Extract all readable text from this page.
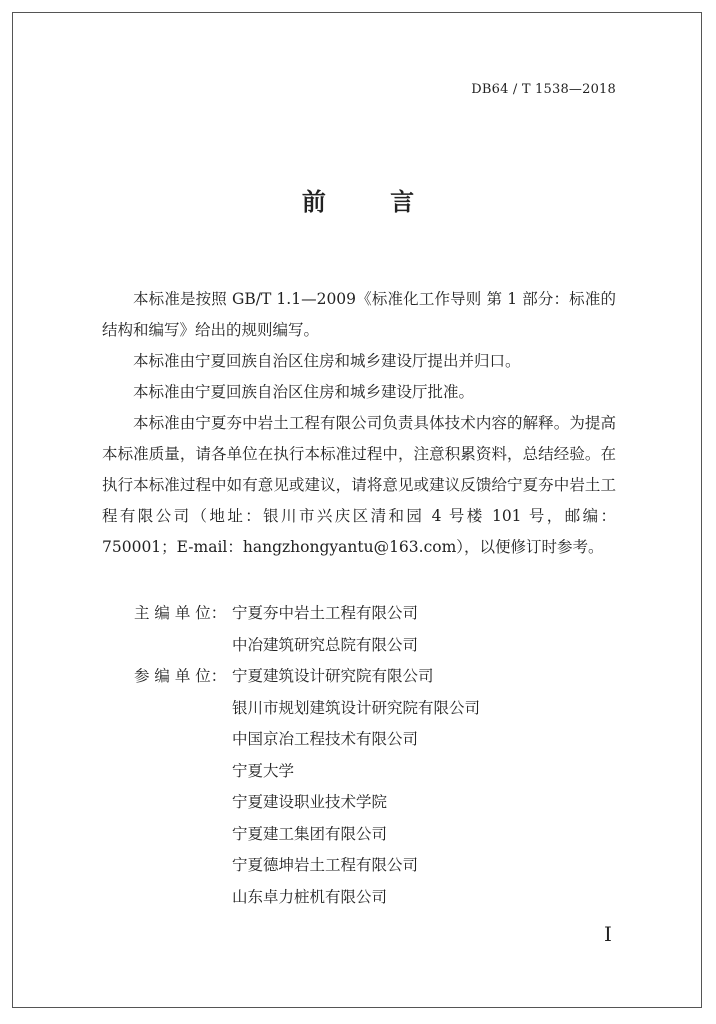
DB64 / T 1538—2018
前 言

本标准是按照 GB/T 1.1—2009《标准化工作导则 第 1 部分：标准的结构和编写》给出的规则编写。

本标准由宁夏回族自治区住房和城乡建设厅提出并归口。

本标准由宁夏回族自治区住房和城乡建设厅批准。

本标准由宁夏夯中岩土工程有限公司负责具体技术内容的解释。为提高本标准质量，请各单位在执行本标准过程中，注意积累资料，总结经验。在执行本标准过程中如有意见或建议，请将意见或建议反馈给宁夏夯中岩土工程有限公司（地址：银川市兴庆区清和园 4 号楼 101 号，邮编：750001；E-mail：hangzhongyantu@163.com），以便修订时参考。

主 编 单 位： 宁夏夯中岩土工程有限公司
中冶建筑研究总院有限公司
参 编 单 位： 宁夏建筑设计研究院有限公司
银川市规划建筑设计研究院有限公司
中国京冶工程技术有限公司
宁夏大学
宁夏建设职业技术学院
宁夏建工集团有限公司
宁夏德坤岩土工程有限公司
山东卓力桩机有限公司
I
